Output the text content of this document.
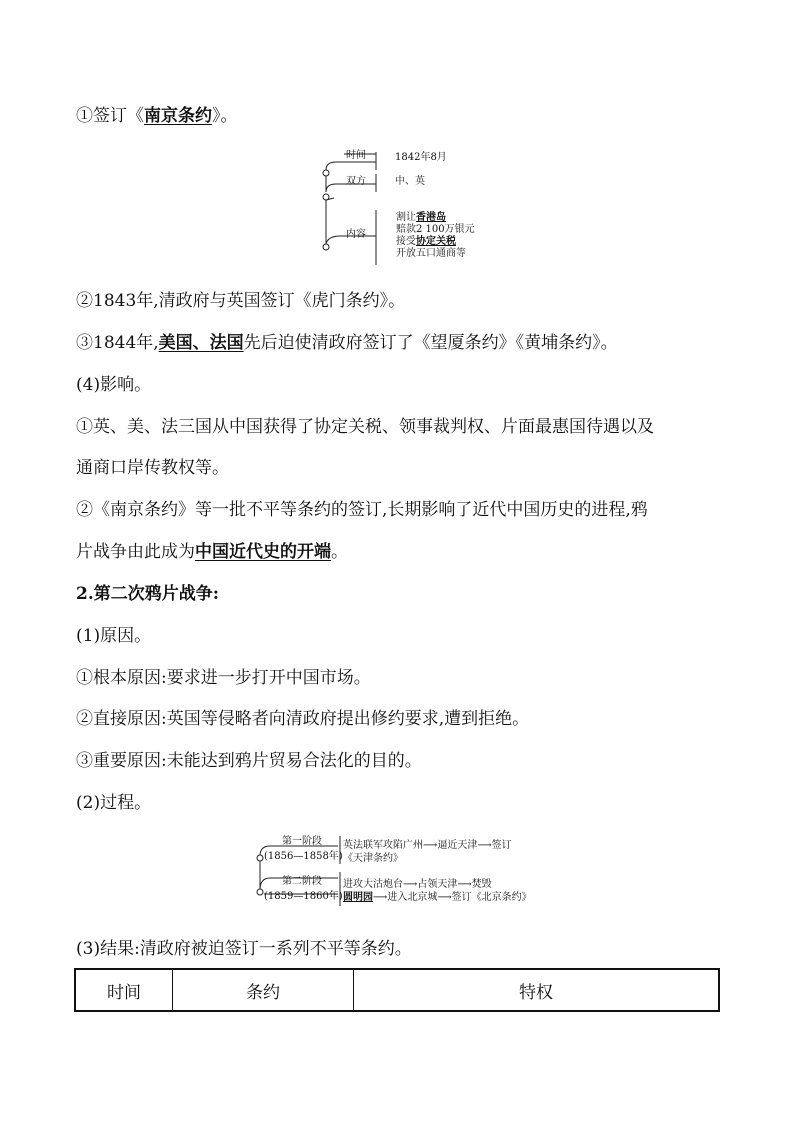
①签订《南京条约》。
时间	1842年8月
双方	中、英
内容
割让香港岛
赔款2 100万银元
接受协定关税
开放五口通商等
②1843年,清政府与英国签订《虎门条约》。
③1844年,美国、法国先后迫使清政府签订了《望厦条约》《黄埔条约》。
(4)影响。
①英、美、法三国从中国获得了协定关税、领事裁判权、片面最惠国待遇以及
通商口岸传教权等。
②《南京条约》等一批不平等条约的签订,长期影响了近代中国历史的进程,鸦
片战争由此成为中国近代史的开端。
2.第二次鸦片战争:
(1)原因。
①根本原因:要求进一步打开中国市场。
②直接原因:英国等侵略者向清政府提出修约要求,遭到拒绝。
③重要原因:未能达到鸦片贸易合法化的目的。
(2)过程。
第一阶段
(1856—1858年)
英法联军攻陷广州⟶逼近天津⟶签订
《天津条约》
第二阶段
(1859—1860年)
进攻大沽炮台⟶占领天津⟶焚毁
圆明园⟶进入北京城⟶签订《北京条约》
(3)结果:清政府被迫签订一系列不平等条约。
时间	条约	特权
